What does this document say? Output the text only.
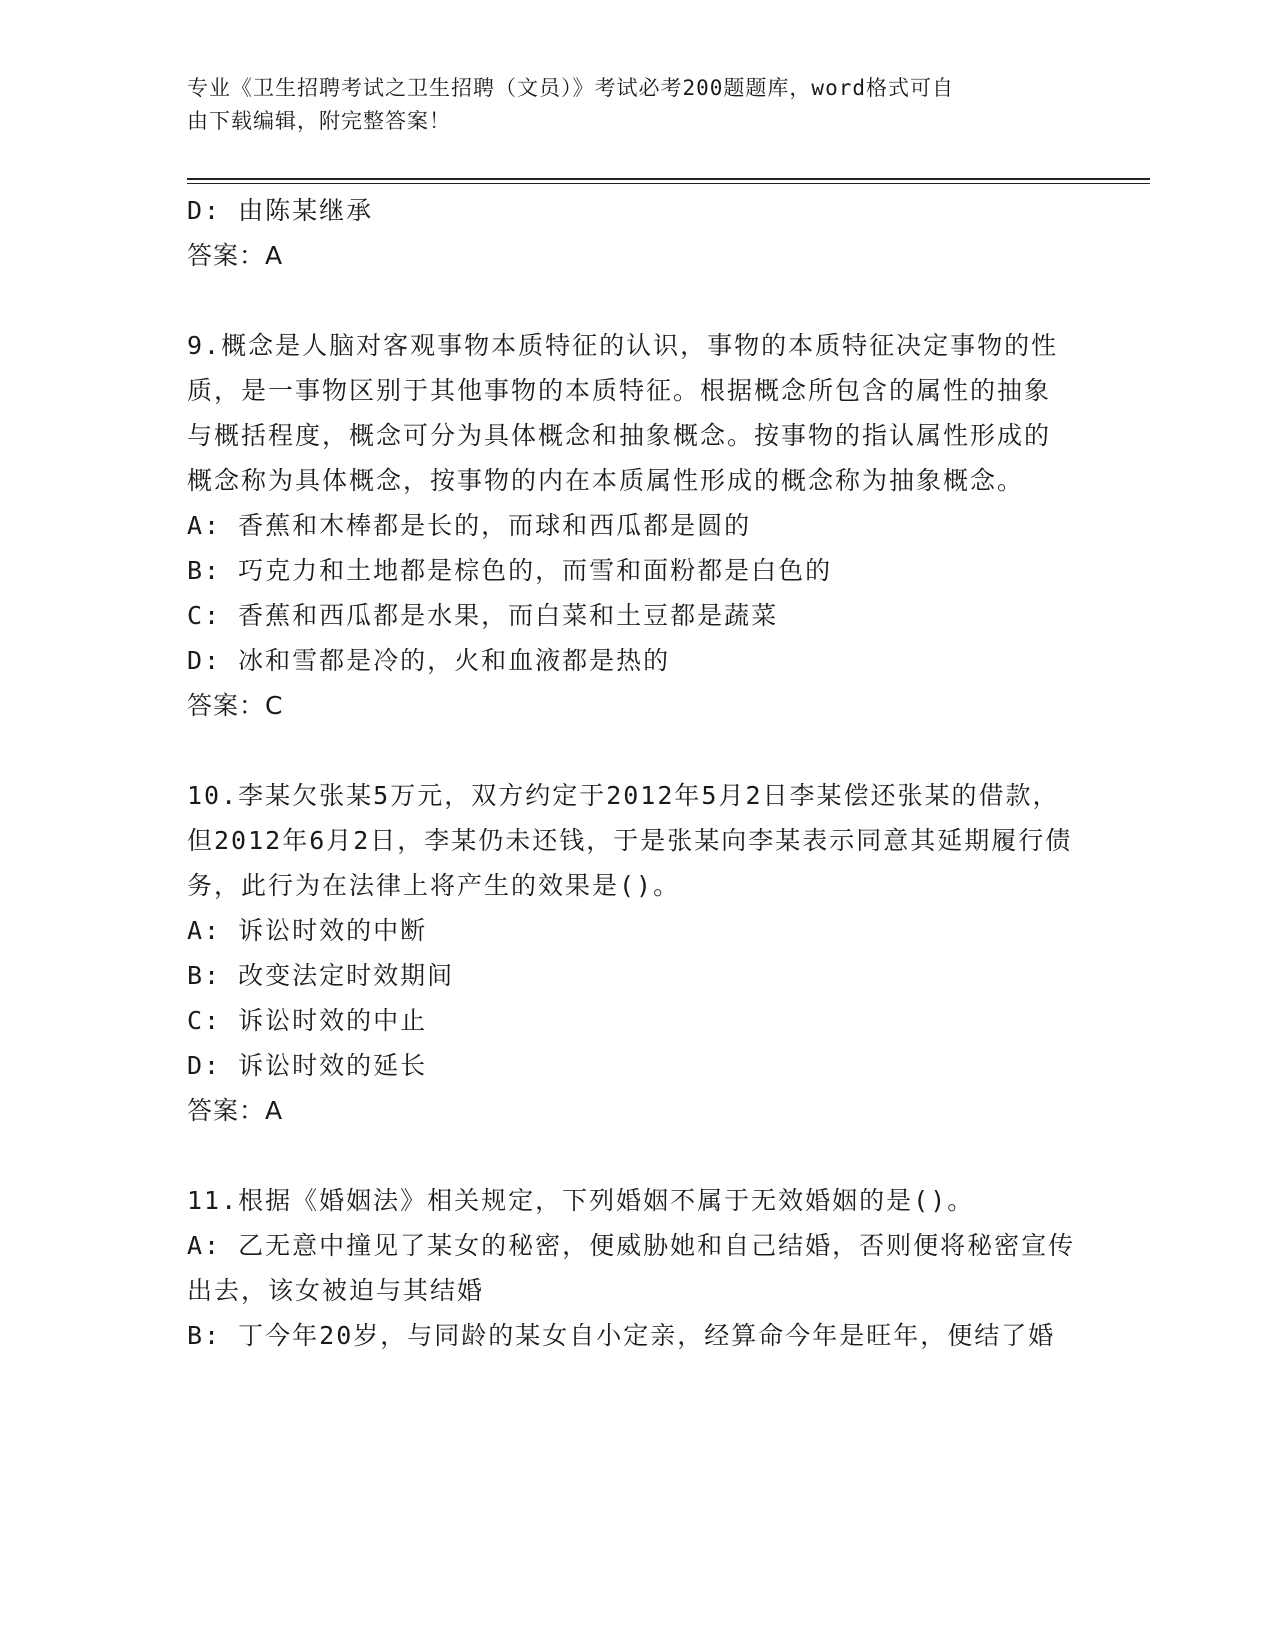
专业《卫生招聘考试之卫生招聘（文员）》考试必考200题题库，word格式可自
由下载编辑，附完整答案！

D: 由陈某继承

答案：A

9.概念是人脑对客观事物本质特征的认识，事物的本质特征决定事物的性质，是一事物区别于其他事物的本质特征。根据概念所包含的属性的抽象与概括程度，概念可分为具体概念和抽象概念。按事物的指认属性形成的概念称为具体概念，按事物的内在本质属性形成的概念称为抽象概念。

A: 香蕉和木棒都是长的，而球和西瓜都是圆的

B: 巧克力和土地都是棕色的，而雪和面粉都是白色的

C: 香蕉和西瓜都是水果，而白菜和土豆都是蔬菜

D: 冰和雪都是冷的，火和血液都是热的

答案：C

10.李某欠张某5万元，双方约定于2012年5月2日李某偿还张某的借款，但2012年6月2日，李某仍未还钱，于是张某向李某表示同意其延期履行债务，此行为在法律上将产生的效果是()。

A: 诉讼时效的中断

B: 改变法定时效期间

C: 诉讼时效的中止

D: 诉讼时效的延长

答案：A

11.根据《婚姻法》相关规定，下列婚姻不属于无效婚姻的是()。

A: 乙无意中撞见了某女的秘密，便威胁她和自己结婚，否则便将秘密宣传出去，该女被迫与其结婚

B: 丁今年20岁，与同龄的某女自小定亲，经算命今年是旺年，便结了婚
